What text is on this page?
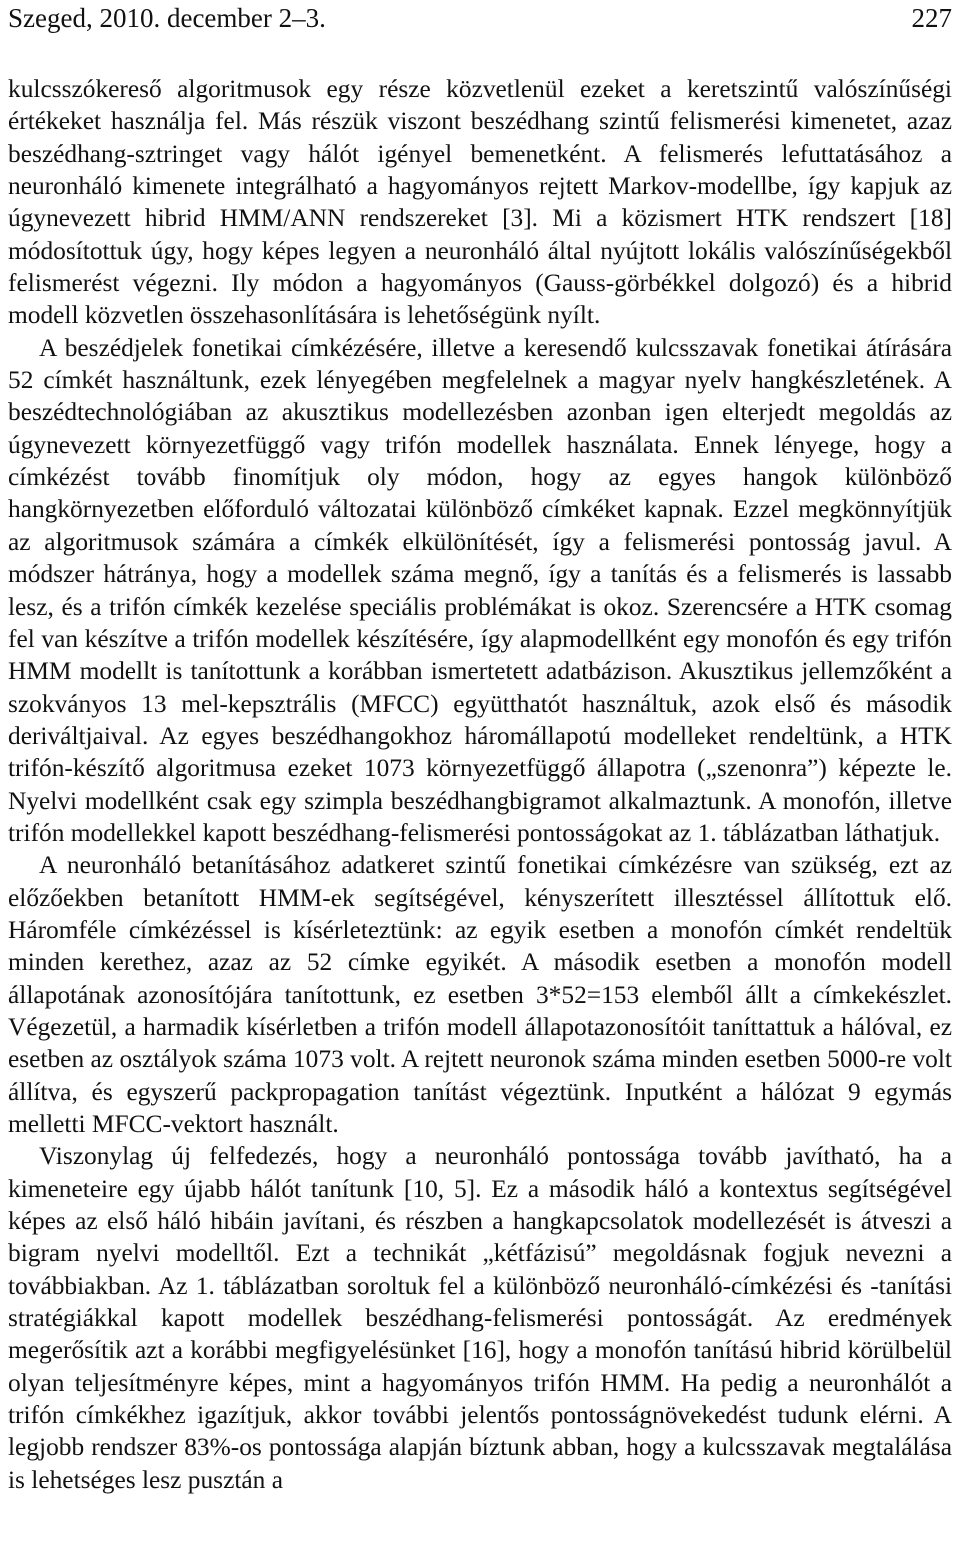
Szeged, 2010. december 2–3.	227

kulcsszókereső algoritmusok egy része közvetlenül ezeket a keretszintű valószínűségi értékeket használja fel. Más részük viszont beszédhang szintű felismerési kimenetet, azaz beszédhang-sztringet vagy hálót igényel bemenetként. A felismerés lefuttatásához a neuronháló kimenete integrálható a hagyományos rejtett Markov-modellbe, így kapjuk az úgynevezett hibrid HMM/ANN rendszereket [3]. Mi a közismert HTK rendszert [18] módosítottuk úgy, hogy képes legyen a neuronháló által nyújtott lokális valószínűségekből felismerést végezni. Ily módon a hagyományos (Gauss-görbékkel dolgozó) és a hibrid modell közvetlen összehasonlítására is lehetőségünk nyílt.

A beszédjelek fonetikai címkézésére, illetve a keresendő kulcsszavak fonetikai átírására 52 címkét használtunk, ezek lényegében megfelelnek a magyar nyelv hangkészletének. A beszédtechnológiában az akusztikus modellezésben azonban igen elterjedt megoldás az úgynevezett környezetfüggő vagy trifón modellek használata. Ennek lényege, hogy a címkézést tovább finomítjuk oly módon, hogy az egyes hangok különböző hangkörnyezetben előforduló változatai különböző címkéket kapnak. Ezzel megkönnyítjük az algoritmusok számára a címkék elkülönítését, így a felismerési pontosság javul. A módszer hátránya, hogy a modellek száma megnő, így a tanítás és a felismerés is lassabb lesz, és a trifón címkék kezelése speciális problémákat is okoz. Szerencsére a HTK csomag fel van készítve a trifón modellek készítésére, így alapmodellként egy monofón és egy trifón HMM modellt is tanítottunk a korábban ismertetett adatbázison. Akusztikus jellemzőként a szokványos 13 mel-kepsztrális (MFCC) együtthatót használtuk, azok első és második deriváltjaival. Az egyes beszédhangokhoz háromállapotú modelleket rendeltünk, a HTK trifón-készítő algoritmusa ezeket 1073 környezetfüggő állapotra („szenonra”) képezte le. Nyelvi modellként csak egy szimpla beszédhangbigramot alkalmaztunk. A monofón, illetve trifón modellekkel kapott beszédhang-felismerési pontosságokat az 1. táblázatban láthatjuk.

A neuronháló betanításához adatkeret szintű fonetikai címkézésre van szükség, ezt az előzőekben betanított HMM-ek segítségével, kényszerített illesztéssel állítottuk elő. Háromféle címkézéssel is kísérleteztünk: az egyik esetben a monofón címkét rendeltük minden kerethez, azaz az 52 címke egyikét. A második esetben a monofón modell állapotának azonosítójára tanítottunk, ez esetben 3*52=153 elemből állt a címkekészlet. Végezetül, a harmadik kísérletben a trifón modell állapotazonosítóit taníttattuk a hálóval, ez esetben az osztályok száma 1073 volt. A rejtett neuronok száma minden esetben 5000-re volt állítva, és egyszerű packpropagation tanítást végeztünk. Inputként a hálózat 9 egymás melletti MFCC-vektort használt.

Viszonylag új felfedezés, hogy a neuronháló pontossága tovább javítható, ha a kimeneteire egy újabb hálót tanítunk [10, 5]. Ez a második háló a kontextus segítségével képes az első háló hibáin javítani, és részben a hangkapcsolatok modellezését is átveszi a bigram nyelvi modelltől. Ezt a technikát „kétfázisú” megoldásnak fogjuk nevezni a továbbiakban. Az 1. táblázatban soroltuk fel a különböző neuronháló-címkézési és -tanítási stratégiákkal kapott modellek beszédhang-felismerési pontosságát. Az eredmények megerősítik azt a korábbi megfigyelésünket [16], hogy a monofón tanítású hibrid körülbelül olyan teljesítményre képes, mint a hagyományos trifón HMM. Ha pedig a neuronhálót a trifón címkékhez igazítjuk, akkor további jelentős pontosságnövekedést tudunk elérni. A legjobb rendszer 83%-os pontossága alapján bíztunk abban, hogy a kulcsszavak megtalálása is lehetséges lesz pusztán a
